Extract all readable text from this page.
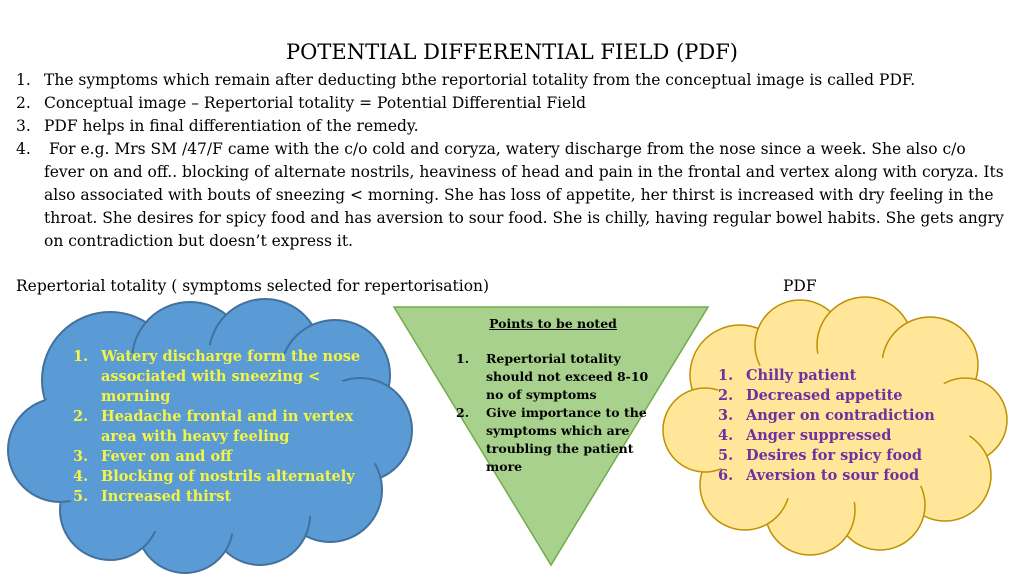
POTENTIAL DIFFERENTIAL FIELD (PDF)
1. The symptoms which remain after deducting bthe reportorial totality from the conceptual image is called PDF.
2. Conceptual image – Repertorial totality = Potential Differential Field
3. PDF helps in final differentiation of the remedy.
4. For e.g. Mrs SM /47/F came with the c/o cold and coryza, watery discharge from the nose since a week. She also c/o fever on and off.. blocking of alternate nostrils, heaviness of head and pain in the frontal and vertex along with coryza. Its also associated with bouts of sneezing < morning. She has loss of appetite, her thirst is increased with dry feeling in the throat. She desires for spicy food and has aversion to sour food. She is chilly, having regular bowel habits. She gets angry on contradiction but doesn’t express it.
Repertorial totality ( symptoms selected for repertorisation)	PDF
1. Watery discharge form the nose associated with sneezing < morning
2. Headache frontal and in vertex area with heavy feeling
3. Fever on and off
4. Blocking of nostrils alternately
5. Increased thirst
Points to be noted
1. Repertorial totality should not exceed 8-10 no of symptoms
2. Give importance to the symptoms which are troubling the patient  more
1. Chilly patient
2. Decreased appetite
3. Anger on contradiction
4. Anger suppressed
5. Desires for spicy food
6. Aversion to sour food
